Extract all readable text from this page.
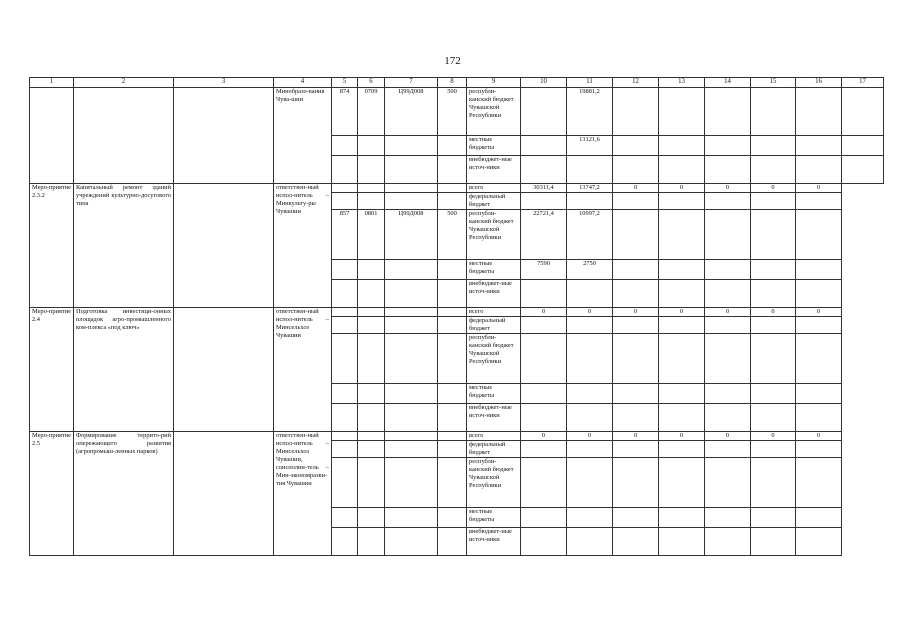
172
1	2	3	4	5	6	7	8	9	10	11	12	13	14	15	16	17
			Минобразо-вания Чува-шии	874	0709	Ц99Д008	500	республи-канский бюджет Чувашской Республики		19881,2						
								местные бюджеты		13121,6						
								внебюджет-ные источ-ники								
Меро-приятие 2.3.2	Капитальный ремонт зданий учреждений культурно-досугового типа		ответствен-ный испол-нитель – Минкульту-ры Чувашии					всего	30311,4	13747,2	0	0	0	0	0	
								федеральный бюджет								
				857	0801	Ц99Д008	500	республи-канский бюджет Чувашской Республики	22721,4	10997,2						
								местные бюджеты	7590	2750						
								внебюджет-ные источ-ники								
Меро-приятие 2.4	Подготовка инвестици-онных площадок агро-промышленного ком-плекса «под ключ»		ответствен-ный испол-нитель – Минсельхоз Чувашии					всего	0	0	0	0	0	0	0	
								федеральный бюджет								
								республи-канский бюджет Чувашской Республики								
								местные бюджеты								
								внебюджет-ные источ-ники								
Меро-приятие 2.5	Формирование террито-рий опережающего развития (агропромыш-ленных парков)		ответствен-ный испол-нитель – Минсельхоз Чувашии, соисполни-тель – Мин-экономразви-тия Чувашии					всего	0	0	0	0	0	0	0	
								федеральный бюджет								
								республи-канский бюджет Чувашской Республики								
								местные бюджеты								
								внебюджет-ные источ-ники								
